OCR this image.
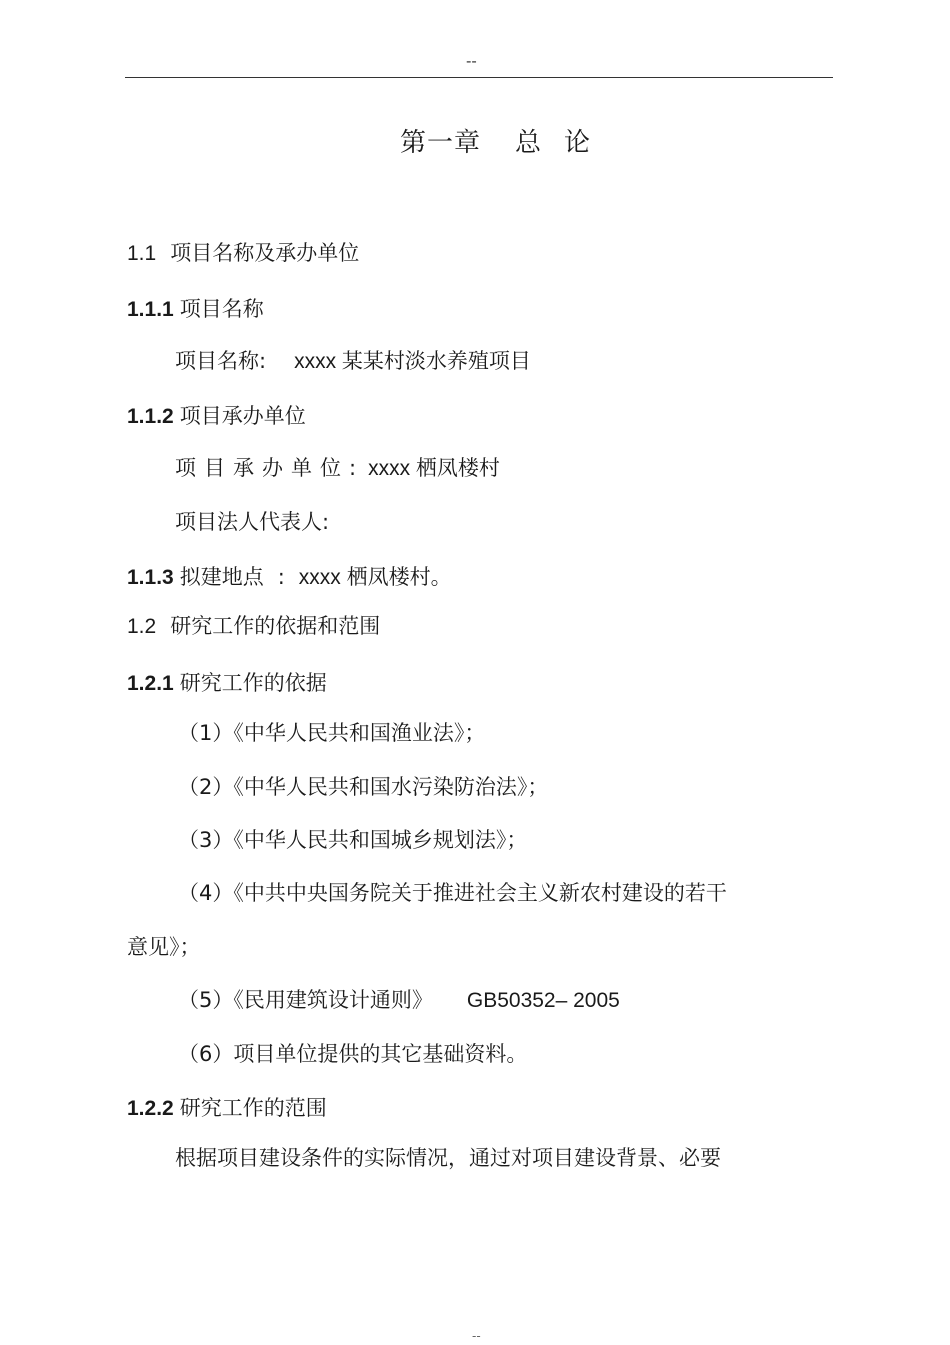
--
第一章 总 论
1.1 项目名称及承办单位
1.1.1 项目名称
项目名称: xxxx 某某村淡水养殖项目
1.1.2 项目承办单位
项目承办单位: xxxx 栖凤楼村
项目法人代表人:
1.1.3 拟建地点 : xxxx 栖凤楼村。
1.2 研究工作的依据和范围
1.2.1 研究工作的依据
（1）《中华人民共和国渔业法》；
（2）《中华人民共和国水污染防治法》；
（3）《中华人民共和国城乡规划法》；
（4）《中共中央国务院关于推进社会主义新农村建设的若干
意见》；
（5）《民用建筑设计通则》 GB50352– 2005
（6）项目单位提供的其它基础资料。
1.2.2 研究工作的范围
根据项目建设条件的实际情况，通过对项目建设背景、必要
--
